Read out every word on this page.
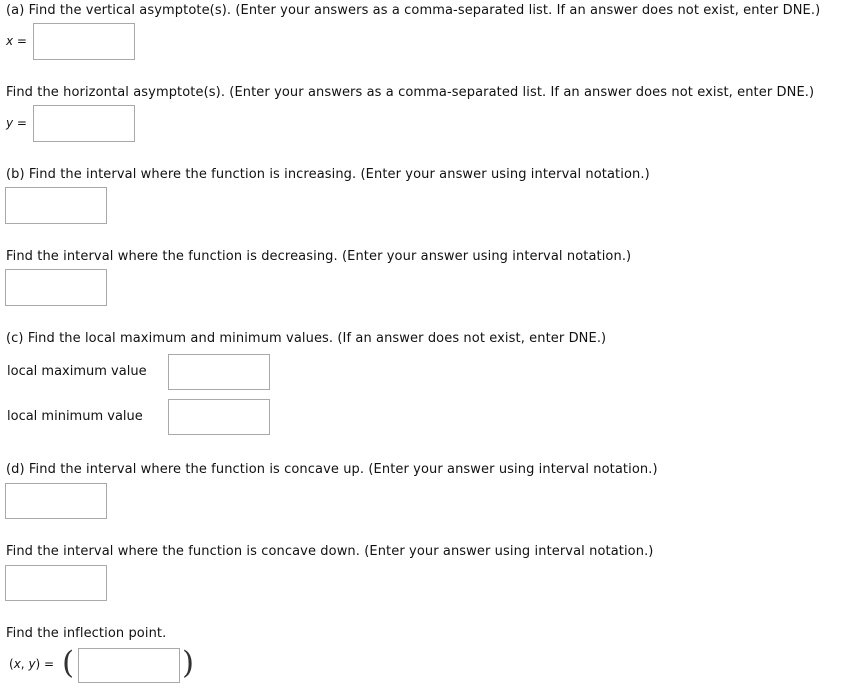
(a) Find the vertical asymptote(s). (Enter your answers as a comma-separated list. If an answer does not exist, enter DNE.)
x =
Find the horizontal asymptote(s). (Enter your answers as a comma-separated list. If an answer does not exist, enter DNE.)
y =
(b) Find the interval where the function is increasing. (Enter your answer using interval notation.)
Find the interval where the function is decreasing. (Enter your answer using interval notation.)
(c) Find the local maximum and minimum values. (If an answer does not exist, enter DNE.)
local maximum value
local minimum value
(d) Find the interval where the function is concave up. (Enter your answer using interval notation.)
Find the interval where the function is concave down. (Enter your answer using interval notation.)
Find the inflection point.
(x, y) = (	)
